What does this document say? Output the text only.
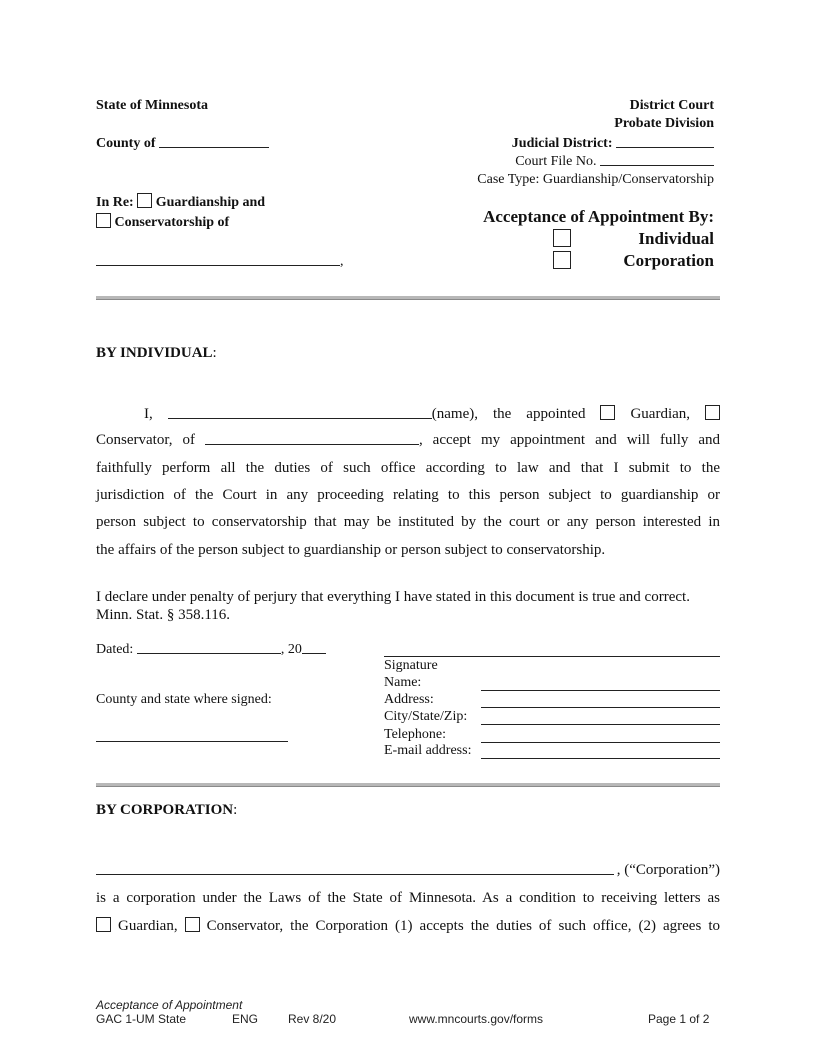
State of Minnesota
County of
In Re: Guardianship and
Conservatorship of
,
District Court
Probate Division
Judicial District:
Court File No.
Case Type: Guardianship/Conservatorship
Acceptance of Appointment By:
Individual
Corporation
BY INDIVIDUAL:
I,	(name), the appointed	Guardian,
Conservator, of	, accept my appointment and will fully and
faithfully perform all the duties of such office according to law and that I submit to the
jurisdiction of the Court in any proceeding relating to this person subject to guardianship or
person subject to conservatorship that may be instituted by the court or any person interested in
the affairs of the person subject to guardianship or person subject to conservatorship.
I declare under penalty of perjury that everything I have stated in this document is true and correct. Minn. Stat. § 358.116.
Dated:	, 20
County and state where signed:
Signature
Name:
Address:
City/State/Zip:
Telephone:
E-mail address:
BY CORPORATION:
, (“Corporation”)
is a corporation under the Laws of the State of Minnesota. As a condition to receiving letters as
Guardian, Conservator, the Corporation (1) accepts the duties of such office, (2) agrees to
Acceptance of Appointment
GAC 1-UM State	ENG Rev 8/20	www.mncourts.gov/forms	Page 1 of 2
